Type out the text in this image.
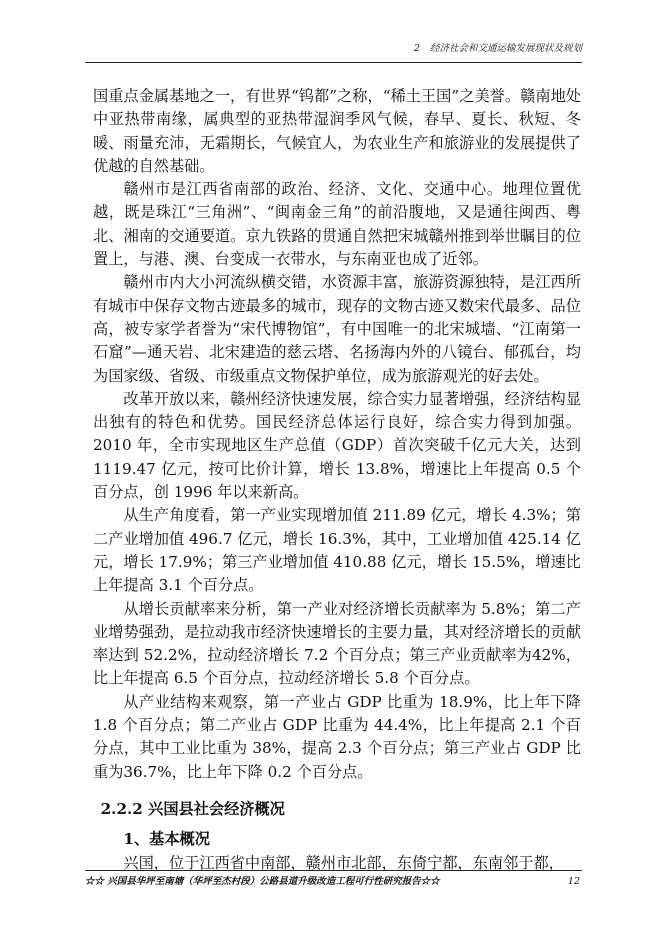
2 经济社会和交通运输发展现状及规划

国重点金属基地之一，有世界“钨都”之称，“稀土王国”之美誉。赣南地处中亚热带南缘，属典型的亚热带湿润季风气候，春早、夏长、秋短、冬暖、雨量充沛，无霜期长，气候宜人，为农业生产和旅游业的发展提供了优越的自然基础。

赣州市是江西省南部的政治、经济、文化、交通中心。地理位置优越，既是珠江“三角洲”、“闽南金三角”的前沿腹地，又是通往闽西、粤北、湘南的交通要道。京九铁路的贯通自然把宋城赣州推到举世瞩目的位置上，与港、澳、台变成一衣带水，与东南亚也成了近邻。

赣州市内大小河流纵横交错，水资源丰富，旅游资源独特，是江西所有城市中保存文物古迹最多的城市，现存的文物古迹又数宋代最多、品位高，被专家学者誉为“宋代博物馆”，有中国唯一的北宋城墙、“江南第一石窟”—通天岩、北宋建造的慈云塔、名扬海内外的八镜台、郁孤台，均为国家级、省级、市级重点文物保护单位，成为旅游观光的好去处。

改革开放以来，赣州经济快速发展，综合实力显著增强，经济结构显出独有的特色和优势。国民经济总体运行良好，综合实力得到加强。2010 年，全市实现地区生产总值（GDP）首次突破千亿元大关，达到1119.47 亿元，按可比价计算，增长 13.8%，增速比上年提高 0.5 个百分点，创 1996 年以来新高。

从生产角度看，第一产业实现增加值 211.89 亿元，增长 4.3%；第二产业增加值 496.7 亿元，增长 16.3%，其中，工业增加值 425.14 亿元，增长 17.9%；第三产业增加值 410.88 亿元，增长 15.5%，增速比上年提高 3.1 个百分点。

从增长贡献率来分析，第一产业对经济增长贡献率为 5.8%；第二产业增势强劲，是拉动我市经济快速增长的主要力量，其对经济增长的贡献率达到 52.2%，拉动经济增长 7.2 个百分点；第三产业贡献率为42%，比上年提高 6.5 个百分点，拉动经济增长 5.8 个百分点。

从产业结构来观察，第一产业占 GDP 比重为 18.9%，比上年下降1.8 个百分点；第二产业占 GDP 比重为 44.4%，比上年提高 2.1 个百分点，其中工业比重为 38%，提高 2.3 个百分点；第三产业占 GDP 比重为36.7%，比上年下降 0.2 个百分点。

2.2.2 兴国县社会经济概况

1、基本概况

兴国，位于江西省中南部，赣州市北部，东倚宁都，东南邻于都，

☆☆ 兴国县华坪至南塘（华坪至杰村段）公路县道升级改造工程可行性研究报告☆☆	12
